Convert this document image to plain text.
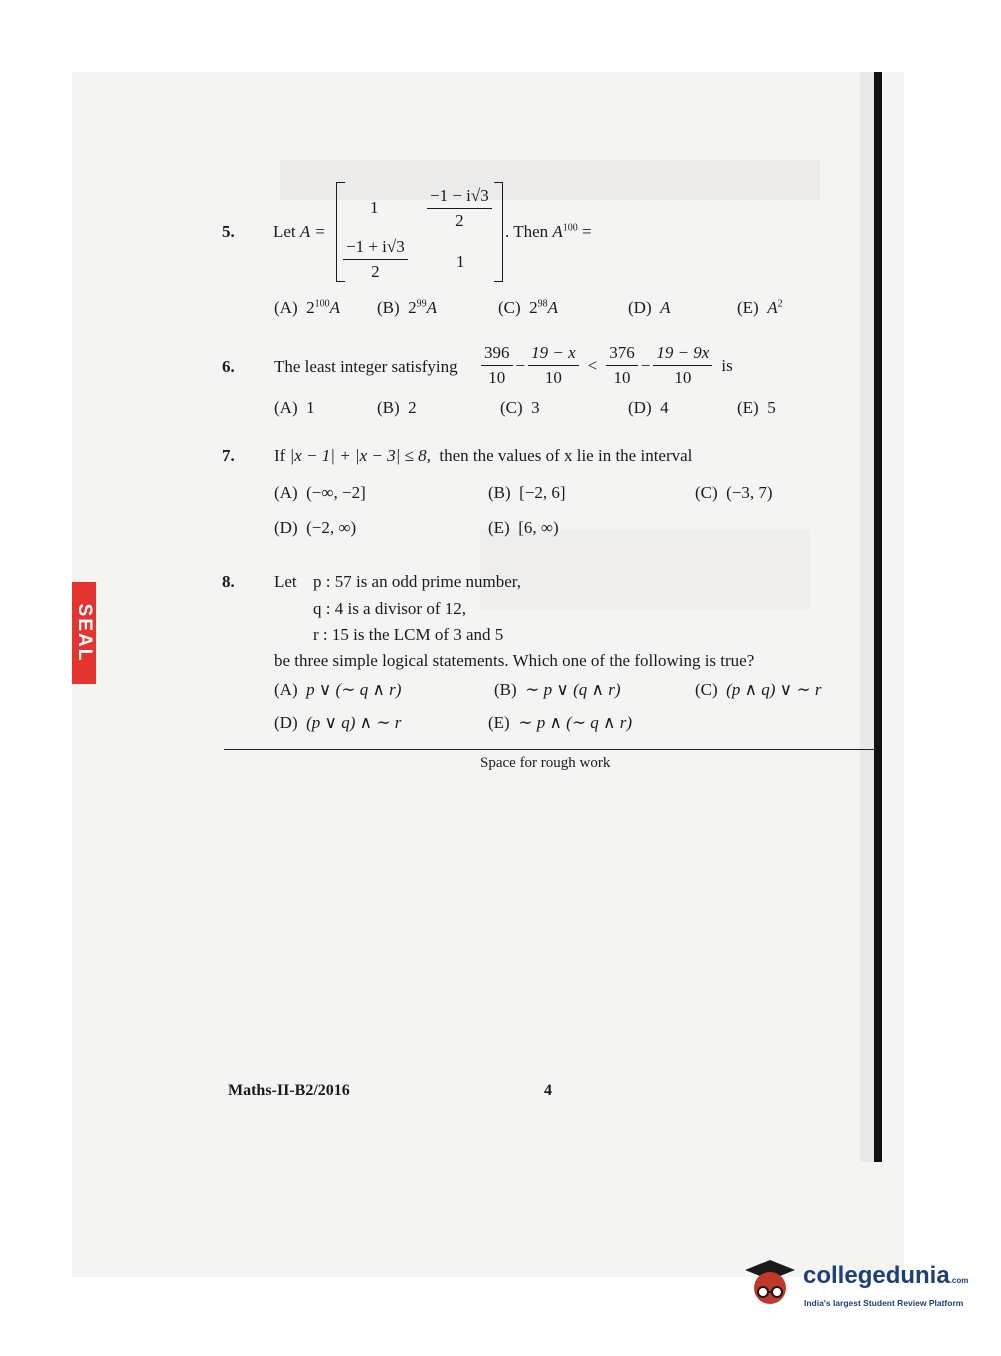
SEAL
5. Let A =
1	$\frac{-1 - i√3}{2}$
$\frac{-1 + i√3}{2}$	1
. Then $A^{100}$ =
(A) $2^{100}A$ (B) $2^{99}A$	(C) $2^{98}A$	(D) A	(E) $A^2$
6. The least integer satisfying $\frac{396}{10} - \frac{19 - x}{10} < \frac{376}{10} - \frac{19 - 9x}{10}$ is
(A) 1	(B) 2	(C) 3	(D) 4	(E) 5
7. If |x − 1| + |x − 3| ≤ 8, then the values of x lie in the interval
(A) (−∞, −2]	(B) [−2, 6]	(C) (−3, 7)
(D) (−2, ∞)	(E) [6, ∞)
8. Let p : 57 is an odd prime number,
q : 4 is a divisor of 12,
r : 15 is the LCM of 3 and 5
be three simple logical statements. Which one of the following is true?
(A) p ∨ (∼ q ∧ r)	(B) ∼ p ∨ (q ∧ r)	(C) (p ∧ q) ∨ ∼ r
(D) (p ∨ q) ∧ ∼ r	(E) ∼ p ∧ (∼ q ∧ r)
Space for rough work
Maths-II-B2/2016	4
collegedunia.com
India's largest Student Review Platform
